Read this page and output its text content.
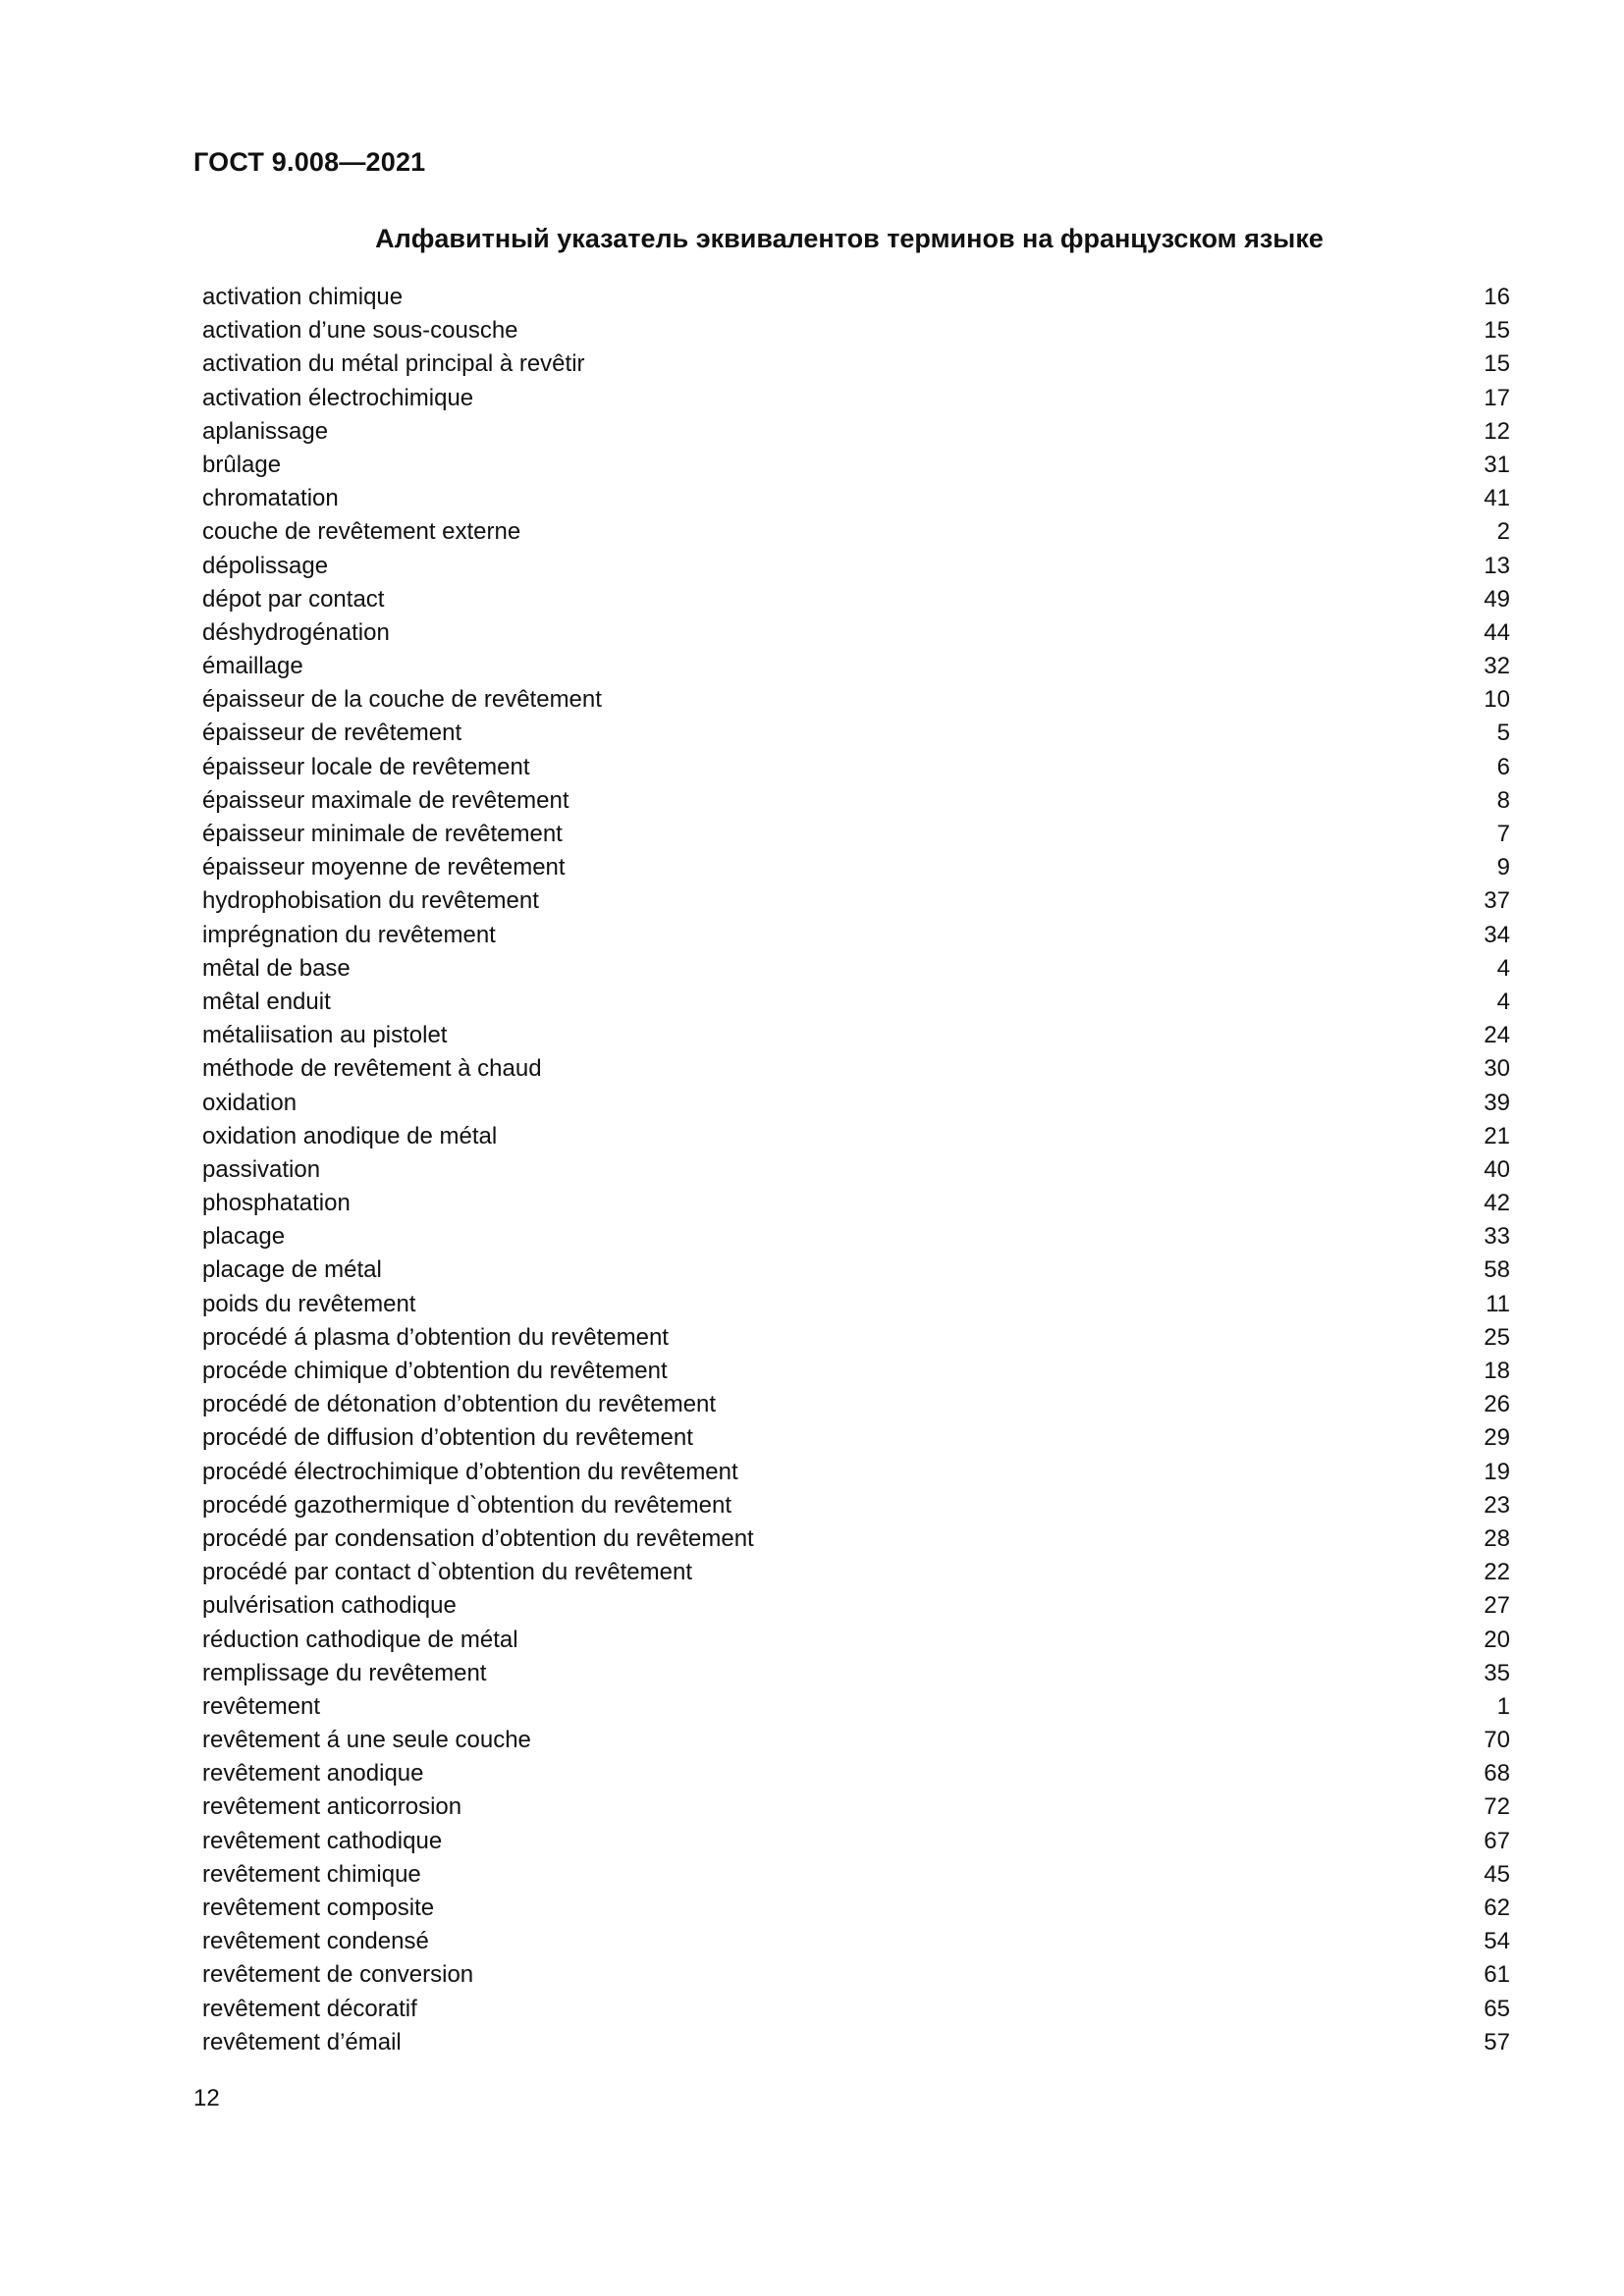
ГОСТ 9.008—2021
Алфавитный указатель эквивалентов терминов на французском языке
activation chimique	16
activation d’une sous-cousche	15
activation du métal principal à revêtir	15
activation électrochimique	17
aplanissage	12
brûlage	31
chromatation	41
couche de revêtement externe	2
dépolissage	13
dépot par contact	49
déshydrogénation	44
émaillage	32
épaisseur de la couche de revêtement	10
épaisseur de revêtement	5
épaisseur locale de revêtement	6
épaisseur maximale de revêtement	8
épaisseur minimale de revêtement	7
épaisseur moyenne de revêtement	9
hydrophobisation du revêtement	37
imprégnation du revêtement	34
mêtal de base	4
mêtal enduit	4
métaliisation au pistolet	24
méthode de revêtement à chaud	30
oxidation	39
oxidation anodique de métal	21
passivation	40
phosphatation	42
placage	33
placage de métal	58
poids du revêtement	11
procédé á plasma d’obtention du revêtement	25
procéde chimique d’obtention du revêtement	18
procédé de détonation d’obtention du revêtement	26
procédé de diffusion d’obtention du revêtement	29
procédé électrochimique d’obtention du revêtement	19
procédé gazothermique d`obtention du revêtement	23
procédé par condensation d’obtention du revêtement	28
procédé par contact d`obtention du revêtement	22
pulvérisation cathodique	27
réduction cathodique de métal	20
remplissage du revêtement	35
revêtement	1
revêtement á une seule couche	70
revêtement anodique	68
revêtement anticorrosion	72
revêtement cathodique	67
revêtement chimique	45
revêtement composite	62
revêtement condensé	54
revêtement de conversion	61
revêtement décoratif	65
revêtement d’émail	57
12
